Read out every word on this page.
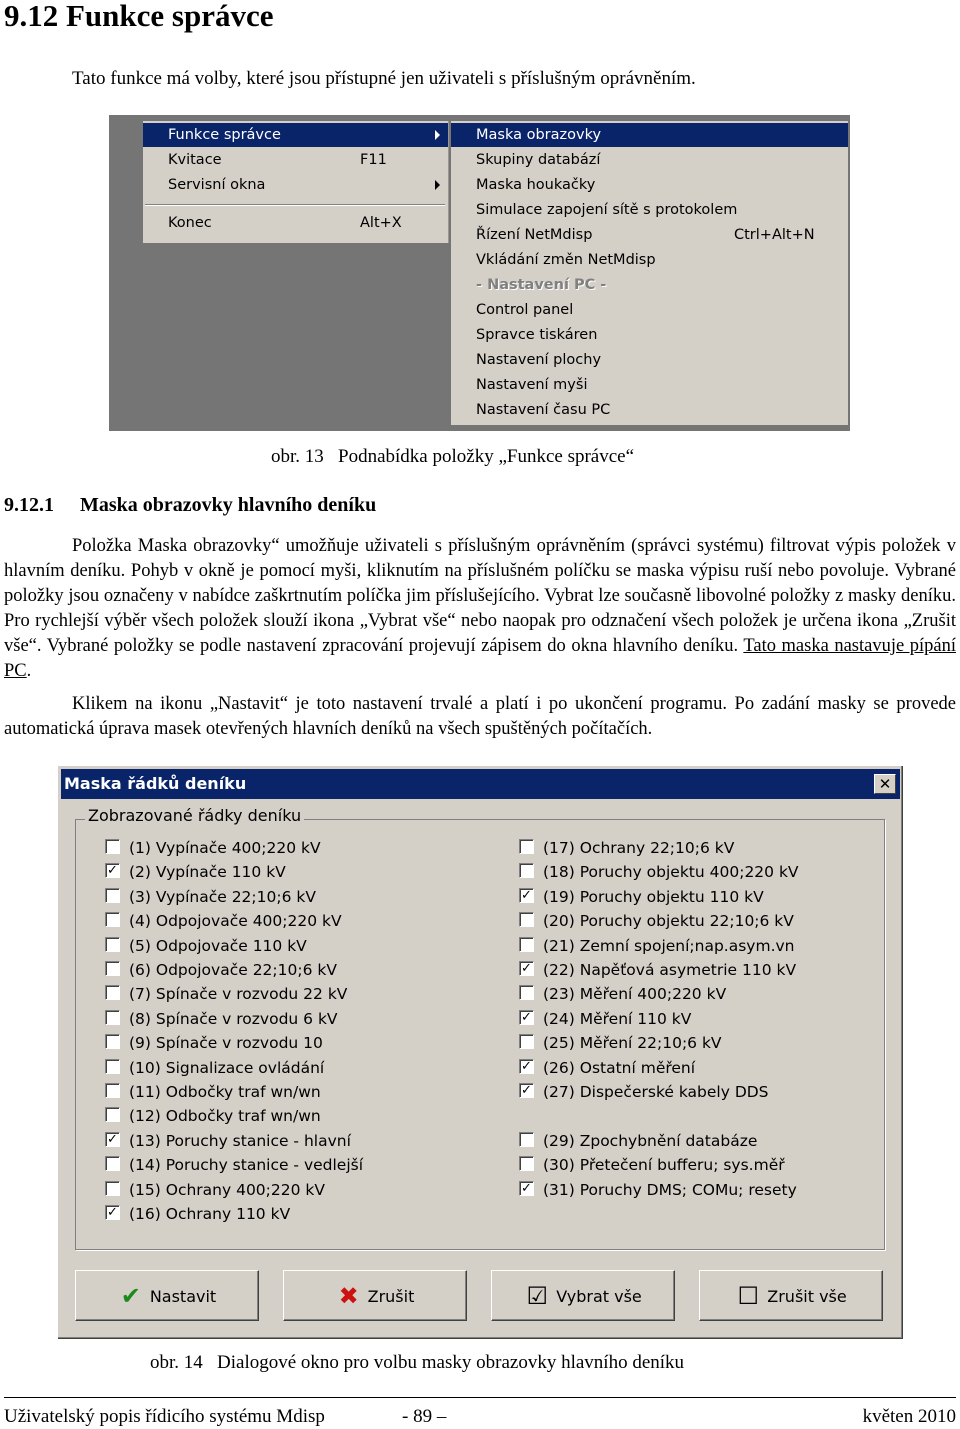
9.12 Funkce správce
Tato funkce má volby, které jsou přístupné jen uživateli s příslušným oprávněním.
Funkce správce
Kvitace	F11
Servisní okna
Konec	Alt+X
Maska obrazovky
Skupiny databází
Maska houkačky
Simulace zapojení sítě s protokolem
Řízení NetMdisp	Ctrl+Alt+N
Vkládání změn NetMdisp
- Nastavení PC -
Control panel
Spravce tiskáren
Nastavení plochy
Nastavení myši
Nastavení času PC
obr. 13 Podnabídka položky „Funkce správce“
9.12.1 Maska obrazovky hlavního deníku
Položka Maska obrazovky“ umožňuje uživateli s příslušným oprávněním (správci systému) filtrovat výpis položek v hlavním deníku. Pohyb v okně je pomocí myši, kliknutím na příslušném políčku se maska výpisu ruší nebo povoluje. Vybrané položky jsou označeny v nabídce zaškrtnutím políčka jim příslušejícího. Vybrat lze současně libovolné položky z masky deníku. Pro rychlejší výběr všech položek slouží ikona „Vybrat vše“ nebo naopak pro odznačení všech položek je určena ikona „Zrušit vše“. Vybrané položky se podle nastavení zpracování projevují zápisem do okna hlavního deníku. Tato maska nastavuje pípání PC.
Klikem na ikonu „Nastavit“ je toto nastavení trvalé a platí i po ukončení programu. Po zadání masky se provede automatická úprava masek otevřených hlavních deníků na všech spuštěných počítačích.
Maska řádků deníku	✕
Zobrazované řádky deníku
(1) Vypínače 400;220 kV
✓ (2) Vypínače 110 kV
(3) Vypínače 22;10;6 kV
(4) Odpojovače 400;220 kV
(5) Odpojovače 110 kV
(6) Odpojovače 22;10;6 kV
(7) Spínače v rozvodu 22 kV
(8) Spínače v rozvodu 6 kV
(9) Spínače v rozvodu 10
(10) Signalizace ovládání
(11) Odbočky traf wn/wn
(12) Odbočky traf wn/wn
✓ (13) Poruchy stanice - hlavní
(14) Poruchy stanice - vedlejší
(15) Ochrany 400;220 kV
✓ (16) Ochrany 110 kV
(17) Ochrany 22;10;6 kV
(18) Poruchy objektu 400;220 kV
✓ (19) Poruchy objektu 110 kV
(20) Poruchy objektu 22;10;6 kV
(21) Zemní spojení;nap.asym.vn
✓ (22) Napěťová asymetrie 110 kV
(23) Měření 400;220 kV
✓ (24) Měření 110 kV
(25) Měření 22;10;6 kV
✓ (26) Ostatní měření
✓ (27) Dispečerské kabely DDS
(29) Zpochybnění databáze
(30) Přetečení bufferu; sys.měř
✓ (31) Poruchy DMS; COMu; resety
✔ Nastavit	✖ Zrušit	☑ Vybrat vše	☐ Zrušit vše
obr. 14 Dialogové okno pro volbu masky obrazovky hlavního deníku
Uživatelský popis řídicího systému Mdisp	- 89 –	květen 2010
